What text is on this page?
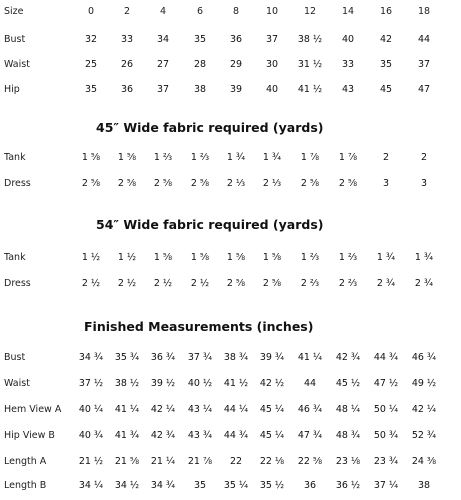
Size	0	2	4	6	8	10	12	14	16	18
Bust	32	33	34	35	36	37	38 ½	40	42	44
Waist	25	26	27	28	29	30	31 ½	33	35	37
Hip	35	36	37	38	39	40	41 ½	43	45	47
45″ Wide fabric required (yards)
Tank	1 ⅝	1 ⅝	1 ⅔	1 ⅔	1 ¾	1 ¾	1 ⅞	1 ⅞	2	2
Dress	2 ⅝	2 ⅝	2 ⅝	2 ⅝	2 ⅓	2 ⅓	2 ⅝	2 ⅝	3	3
54″ Wide fabric required (yards)
Tank	1 ½	1 ½	1 ⅝	1 ⅝	1 ⅝	1 ⅝	1 ⅔	1 ⅔	1 ¾	1 ¾
Dress	2 ½	2 ½	2 ½	2 ½	2 ⅝	2 ⅝	2 ⅔	2 ⅔	2 ¾	2 ¾
Finished Measurements (inches)
Bust	34 ¾	35 ¾	36 ¾	37 ¾	38 ¾	39 ¾	41 ¼	42 ¾	44 ¾	46 ¾
Waist	37 ½	38 ½	39 ½	40 ½	41 ½	42 ½	44	45 ½	47 ½	49 ½
Hem View A	40 ¼	41 ¼	42 ¼	43 ¼	44 ¼	45 ¼	46 ¾	48 ¼	50 ¼	42 ¼
Hip View B	40 ¾	41 ¾	42 ¾	43 ¾	44 ¾	45 ¼	47 ¾	48 ¾	50 ¾	52 ¾
Length A	21 ½	21 ⅝	21 ¼	21 ⅞	22	22 ⅛	22 ⅝	23 ⅛	23 ¾	24 ⅜
Length B	34 ¼	34 ½	34 ¾	35	35 ¼	35 ½	36	36 ½	37 ¼	38
